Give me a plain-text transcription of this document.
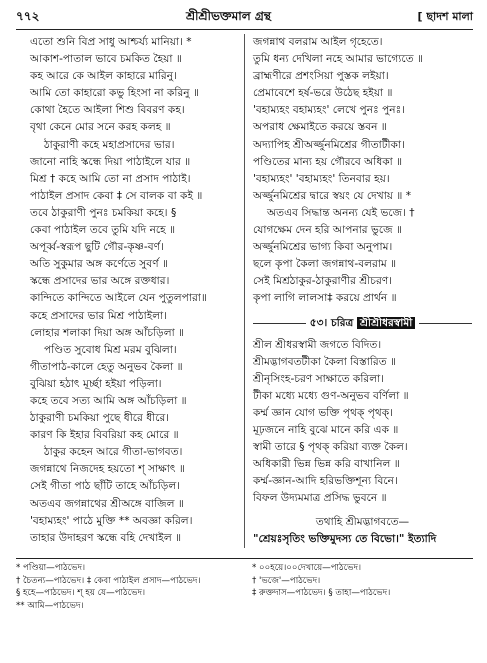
৭৭২	শ্রীশ্রীভক্তমাল গ্রন্থ	[ ছাদশ মালা
এতো শুনি বিপ্র সাধু আশ্চর্য্য মানিয়া। *
আকাশ-পাতাল ভাবে চমকিত হৈয়া ॥
কহ আরে কে আইল কাহারে মারিনু।
আমি তো কাহারো কভু হিংসা না করিনু ॥
কোথা হৈতে আইলা শিশু বিবরণ কহ।
বৃথা কেনে মোর সনে করহ কলহ ॥
ঠাকুরাণী কহে মহাপ্রসাদের ভার।
জানো নাহি স্কন্ধে দিয়া পাঠাইলে যার ॥
মিশ্র † কহে আমি তো না প্রসাদ পাঠাই।
পাঠাইল প্রসাদ কেবা ‡ সে বালক বা কই ॥
তবে ঠাকুরাণী পুনঃ চমকিয়া কহে। §
কেবা পাঠাইল তবে তুমি যদি নহে ॥
অপূর্ব্ব-স্বরূপ ছুটি গৌর-কৃষ্ণ-বর্ণ।
অতি সুকুমার অঙ্গ কর্ণেতে সুবর্ণ ॥
স্কন্ধে প্রসাদের ভার অঙ্গে রক্তধার।
কান্দিতে কান্দিতে আইলে যেন পুতুলপারা॥
কহে প্রসাদের ভার মিশ্র পাঠাইলা।
লোহার শলাকা দিয়া অঙ্গ আঁচড়িলা ॥
পণ্ডিত সুবোধ মিশ্র মরম বুঝিলা।
গীতাপাঠ-কালে হেতু অনুভব কৈলা ॥
বুঝিয়া হঠাৎ মূর্চ্ছা হইয়া পড়িলা।
কহে তবে সত্য আমি অঙ্গ আঁচড়িলা ॥
ঠাকুরাণী চমকিয়া পুছে ধীরে ধীরে।
কারণ কি ইহার বিবরিয়া কহ মোরে ॥
ঠাকুর কহেন আরে গীতা-ভাগবত।
জগন্নাথে নিজদেহ হয়তো শ্ সাক্ষাৎ ॥
সেই গীতা পাঠ ছাঁটি তাহে আঁচড়িল।
অতএব জগন্নাথের শ্রীঅঙ্গে বাজিল ॥
'বহাম্যহং' পাঠে মুক্তি ** অবজ্ঞা করিল।
তাহার উদাহরণ স্কন্ধে বহি দেখাইল ॥
জগন্নাথ বলরাম আইল গৃহেতে।
তুমি ধন্য দেখিলা নহে আমার ভাগ্যেতে ॥
ব্রাহ্মণীরে প্রশংসিয়া পুস্তক লইয়া।
প্রেমাবেশে হর্ষ-ভরে উঠেছ হইয়া ॥
'বহাম্যহং বহাম্যহং' লেখে পুনঃ পুনঃ।
অপরাধ ক্ষেমাইতে করয়ে স্তবন ॥
অদ্যাপিহ শ্রীঅর্জ্জুনমিশ্রের গীতাটীকা।
পণ্ডিতের মান্য হয় গৌরবে অধিকা ॥
'বহাম্যহং' 'বহাম্যহং' তিনবার হয়।
অর্জ্জুনমিশ্রের দ্বারে স্বয়ং যে দেখায় ॥ *
অতএব সিদ্ধান্ত অনন্য যেই ভজে। †
যোগক্ষেম দেন হরি আপনার ভুজে ॥
অর্জ্জুনমিশ্রের ভাগ্য কিবা অনুপাম।
ছলে কৃপা কৈলা জগন্নাথ-বলরাম ॥
সেই মিশ্রঠাকুর-ঠাকুরাণীর শ্রীচরণ।
কৃপা লাগি লালসা‡ করয়ে প্রার্থন ॥
৫৩। চরিত্র শ্রীশ্রীধরস্বামী
শ্রীল শ্রীধরস্বামী জগতে বিদিত।
শ্রীমদ্ভাগবতটীকা কৈলা বিস্তারিত ॥
শ্রীনৃসিংহ-চরণ সাক্ষাতে করিলা।
টীকা মধ্যে মধ্যে গুণ-অনুভব বর্ণিলা ॥
কর্ম্ম জ্ঞান যোগ ভক্তি পৃথক্ পৃথক্।
মূঢ়জনে নাহি বুঝে মানে করি এক ॥
স্বামী তারে § পৃথক্ করিয়া ব্যক্ত কৈল।
অধিকারী ভিন্ন ভিন্ন করি বাখানিল ॥
কর্ম্ম-জ্ঞান-আদি হরিভক্তিশূন্য বিনে।
বিফল উদ্যমমাত্র প্রসিদ্ধ ভুবনে ॥
তথাহি শ্রীমদ্ভাগবতে—
"শ্রেয়ঃসৃতিং ভক্তিমুদস্য তে বিভো।" ইত্যাদি
* পণ্ডিয়া—পাঠভেদ।
† চৈতন্য—পাঠভেদ। ‡ কেবা পাঠাইল প্রসাদ—পাঠভেদ।
§ হহে—পাঠভেদ। শ্ হয় যে—পাঠভেদ।
** আমি—পাঠভেদ।
* ০০হয়ে।০০দেখায়ে—পাঠভেদ।
† 'ভজে'—পাঠভেদ।
‡ রুক্তদাস—পাঠভেদ। § তাহা—পাঠভেদ।
